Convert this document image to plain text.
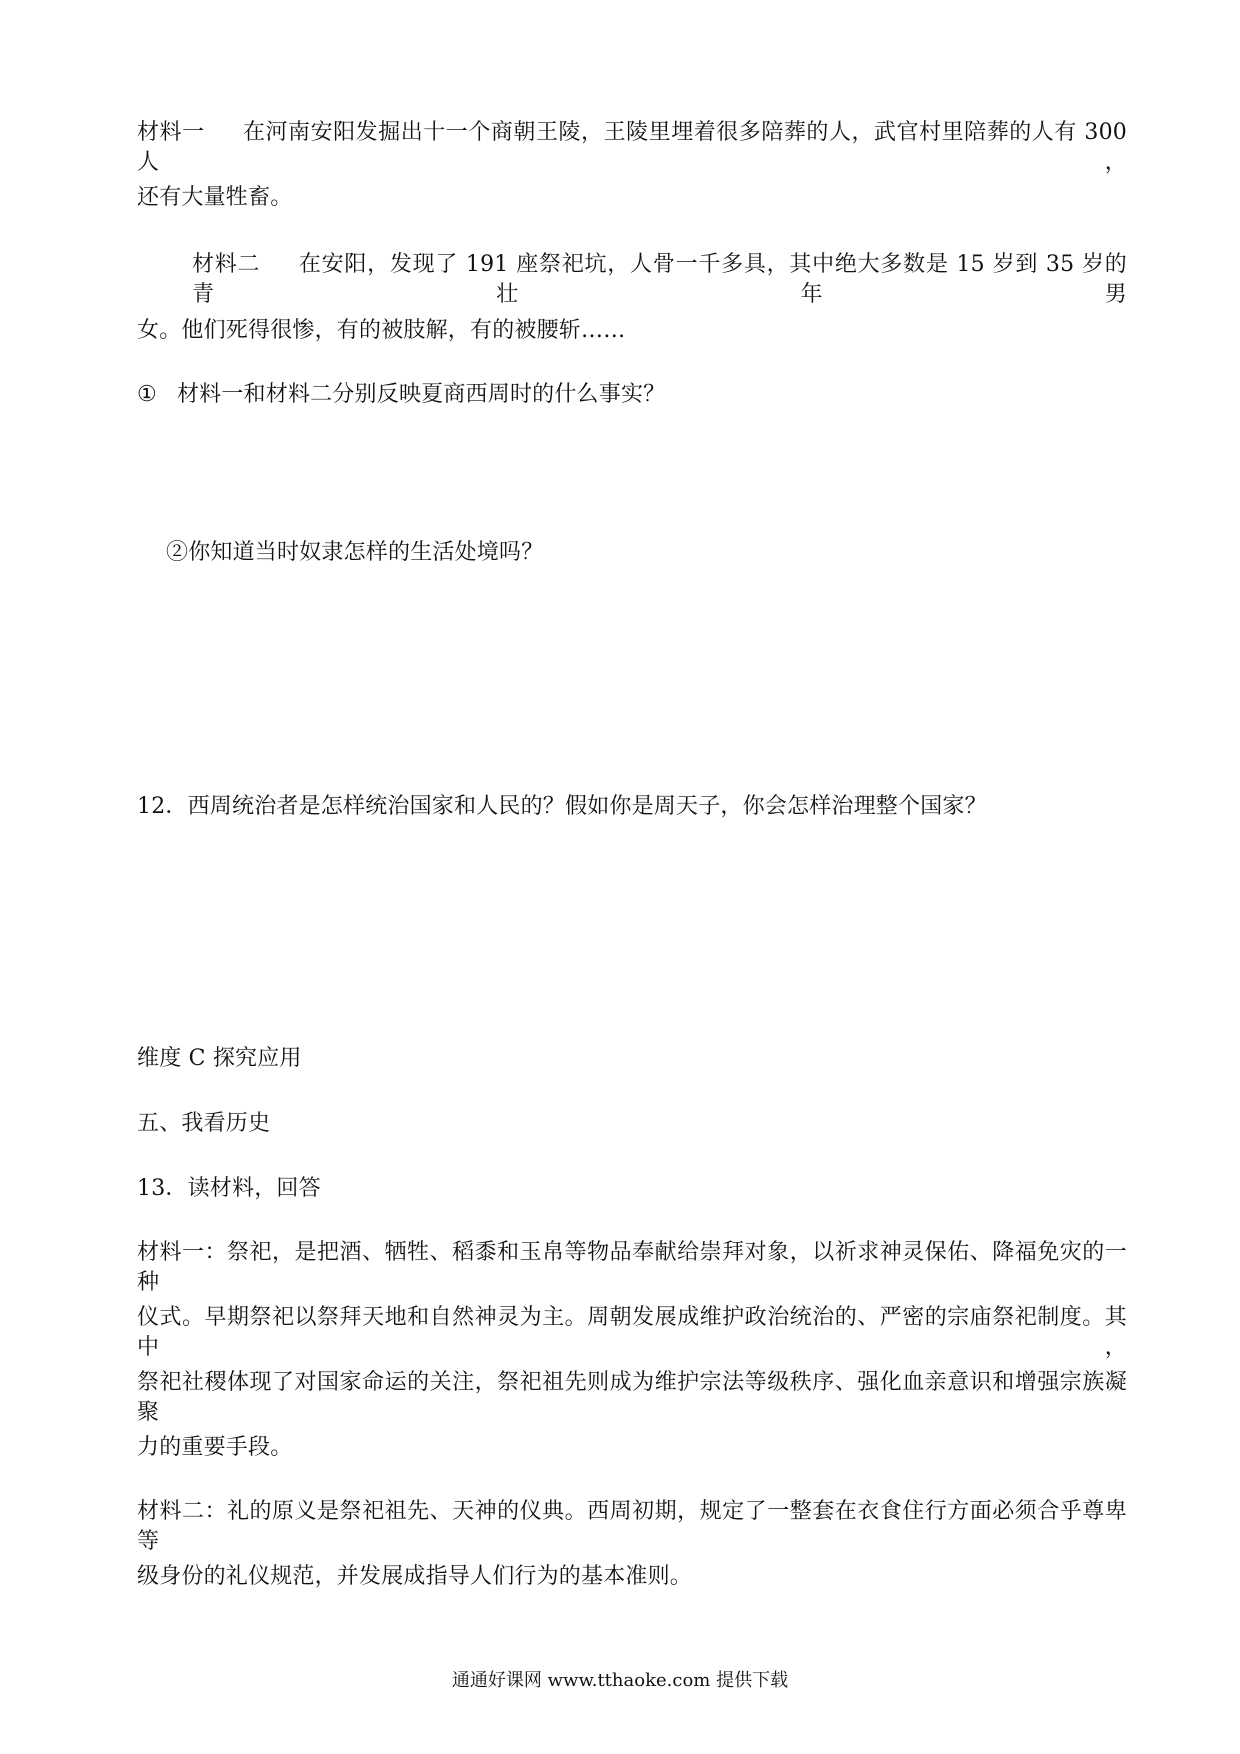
材料一 在河南安阳发掘出十一个商朝王陵，王陵里埋着很多陪葬的人，武官村里陪葬的人有 300 人，
还有大量牲畜。
材料二 在安阳，发现了 191 座祭祀坑，人骨一千多具，其中绝大多数是 15 岁到 35 岁的青壮年男
女。他们死得很惨，有的被肢解，有的被腰斩……
① 材料一和材料二分别反映夏商西周时的什么事实？
②你知道当时奴隶怎样的生活处境吗？
12．西周统治者是怎样统治国家和人民的？假如你是周天子，你会怎样治理整个国家？
维度 C 探究应用
五、我看历史
13．读材料，回答
材料一：祭祀，是把酒、牺牲、稻黍和玉帛等物品奉献给崇拜对象，以祈求神灵保佑、降福免灾的一种
仪式。早期祭祀以祭拜天地和自然神灵为主。周朝发展成维护政治统治的、严密的宗庙祭祀制度。其中，
祭祀社稷体现了对国家命运的关注，祭祀祖先则成为维护宗法等级秩序、强化血亲意识和增强宗族凝聚
力的重要手段。
材料二：礼的原义是祭祀祖先、天神的仪典。西周初期，规定了一整套在衣食住行方面必须合乎尊卑等
级身份的礼仪规范，并发展成指导人们行为的基本准则。
通通好课网 www.tthaoke.com 提供下载
